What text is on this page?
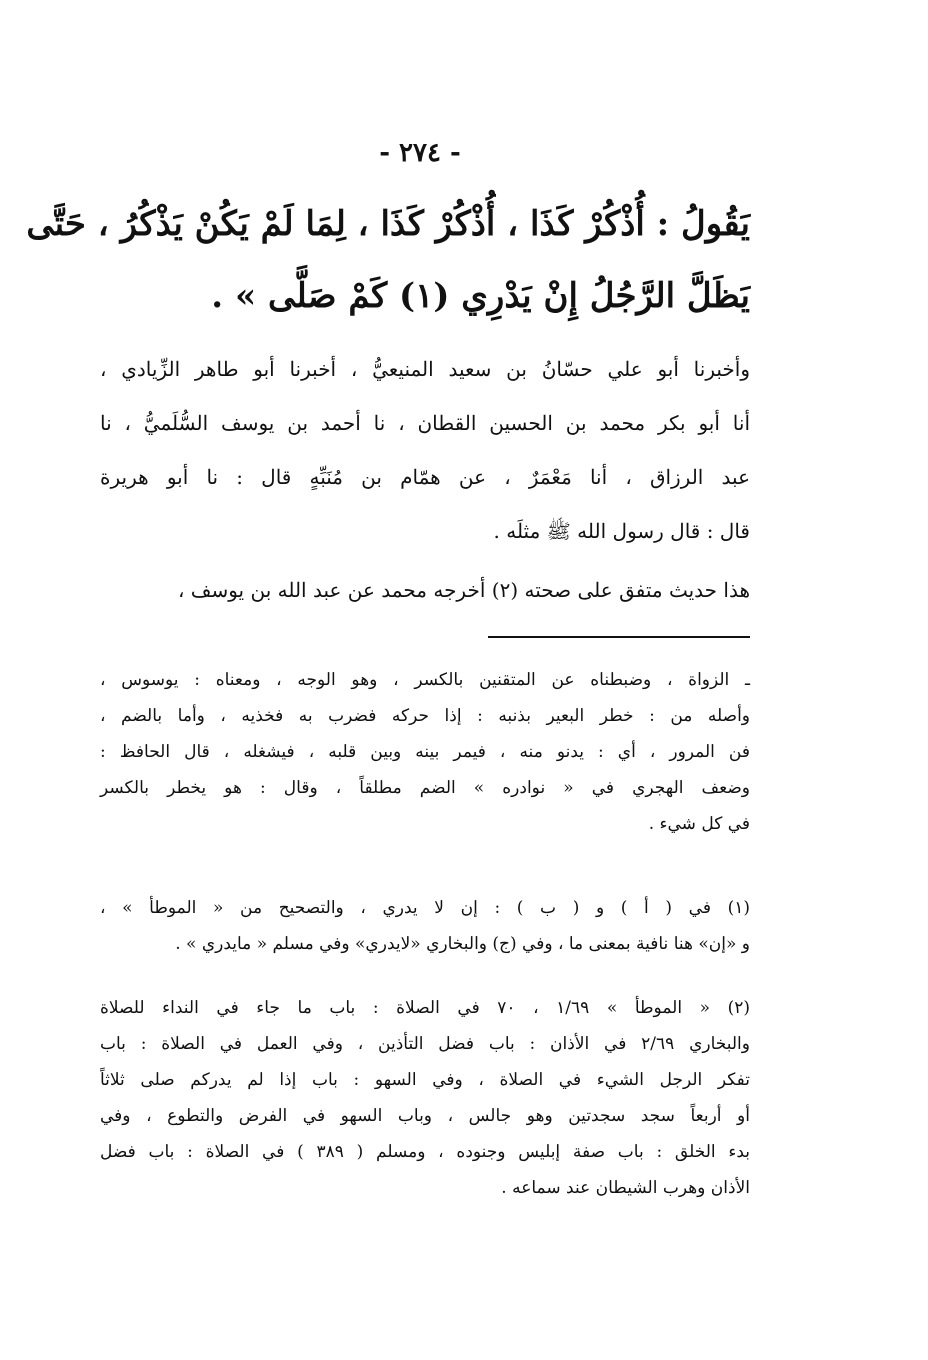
- ٢٧٤ -
يَقُولُ : أُذْكُرْ كَذَا ، أُذْكُرْ كَذَا ، لِمَا لَمْ يَكُنْ يَذْكُرُ ، حَتَّى
يَظَلَّ الرَّجُلُ إِنْ يَدْرِي (١) كَمْ صَلَّى » .
وأخبرنا أبو علي حسّانُ بن سعيد المنيعيُّ ، أخبرنا أبو طاهر الزِّيادي ،
أنا أبو بكر محمد بن الحسين القطان ، نا أحمد بن يوسف السُّلَميُّ ، نا
عبد الرزاق ، أنا مَعْمَرٌ ، عن همّام بن مُنَبِّهٍ قال : نا أبو هريرة
قال : قال رسول الله ﷺ مثلَه .
هذا حديث متفق على صحته (٢) أخرجه محمد عن عبد الله بن يوسف ،
ـ الزواة ، وضبطناه عن المتقنين بالكسر ، وهو الوجه ، ومعناه : يوسوس ،
وأصله من : خطر البعير بذنبه : إذا حركه فضرب به فخذيه ، وأما بالضم ،
فن المرور ، أي : يدنو منه ، فيمر بينه وبين قلبه ، فيشغله ، قال الحافظ :
وضعف الهجري في « نوادره » الضم مطلقاً ، وقال : هو يخطر بالكسر
في كل شيء .
(١) في ( أ ) و ( ب ) : إن لا يدري ، والتصحيح من « الموطأ » ،
و «إن» هنا نافية بمعنى ما ، وفي (ج) والبخاري «لايدري» وفي مسلم « مايدري » .
(٢) « الموطأ » ١/٦٩ ، ٧٠ في الصلاة : باب ما جاء في النداء للصلاة
والبخاري ٢/٦٩ في الأذان : باب فضل التأذين ، وفي العمل في الصلاة : باب
تفكر الرجل الشيء في الصلاة ، وفي السهو : باب إذا لم يدركم صلى ثلاثاً
أو أربعاً سجد سجدتين وهو جالس ، وباب السهو في الفرض والتطوع ، وفي
بدء الخلق : باب صفة إبليس وجنوده ، ومسلم ( ٣٨٩ ) في الصلاة : باب فضل
الأذان وهرب الشيطان عند سماعه .
